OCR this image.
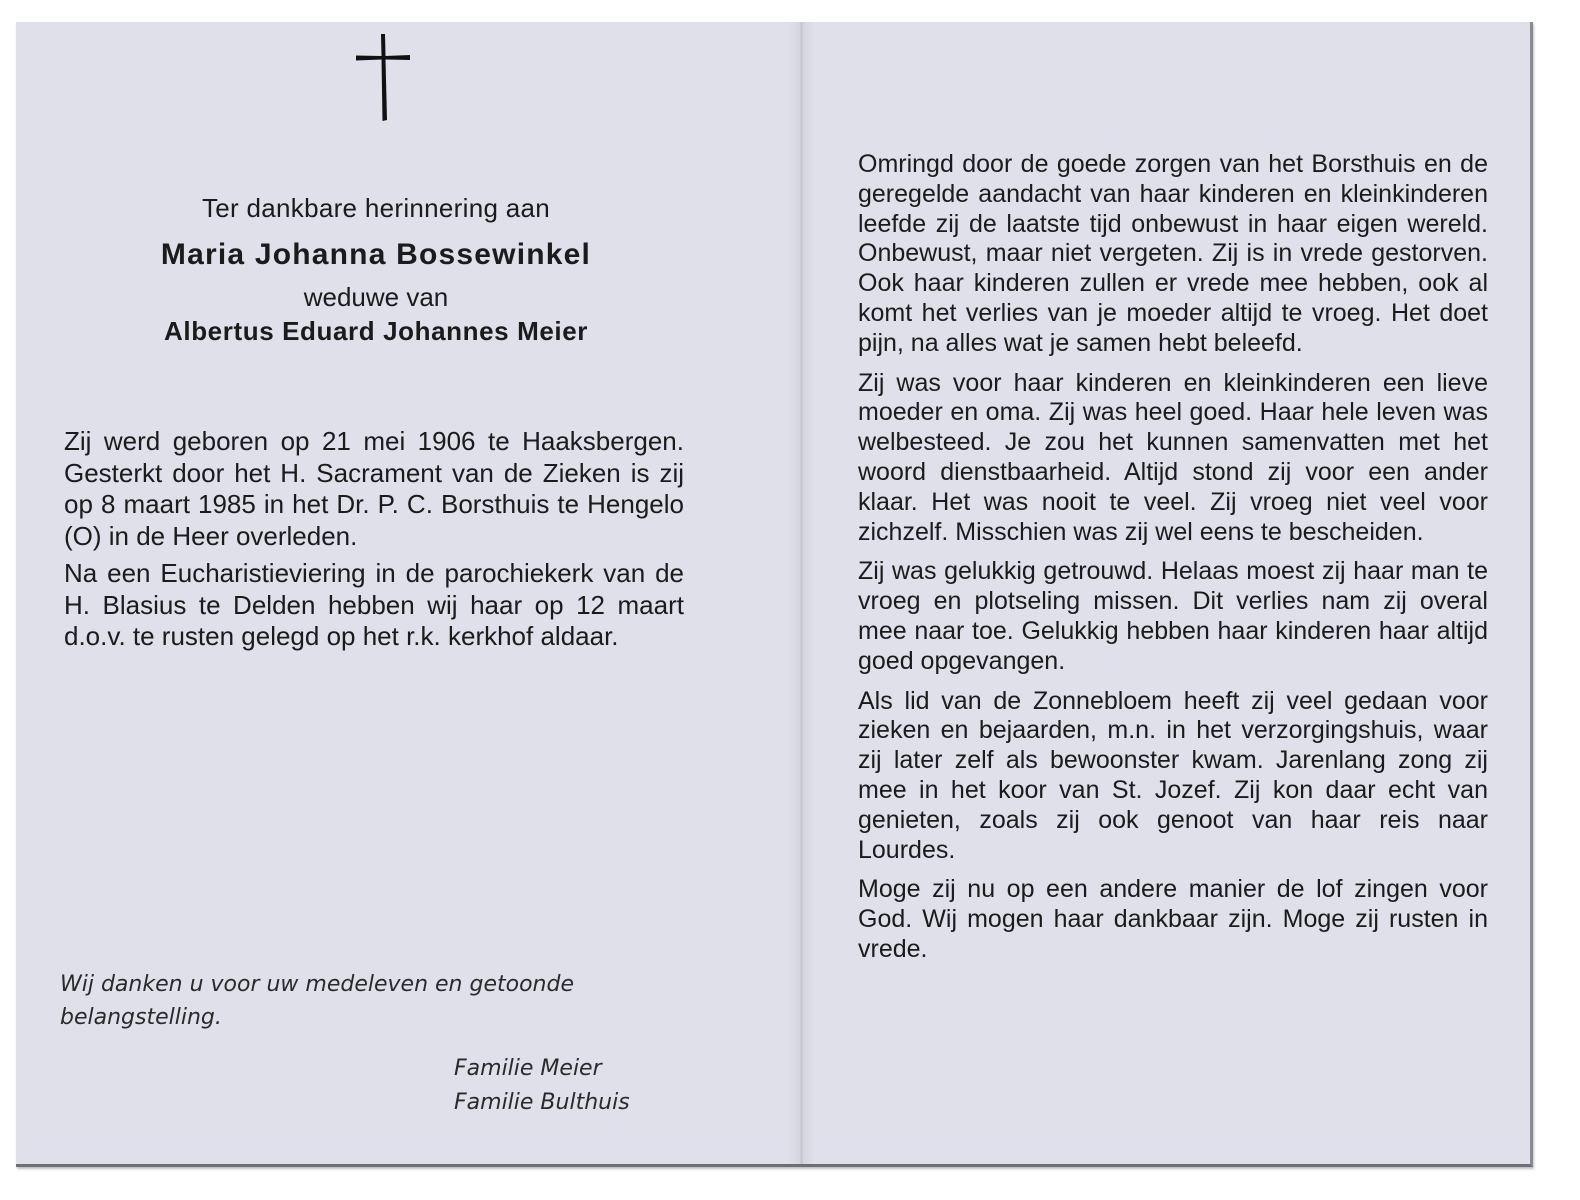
Ter dankbare herinnering aan
Maria Johanna Bossewinkel
weduwe van
Albertus Eduard Johannes Meier

Zij werd geboren op 21 mei 1906 te Haaksbergen. Gesterkt door het H. Sacrament van de Zieken is zij op 8 maart 1985 in het Dr. P. C. Borsthuis te Hengelo (O) in de Heer overleden.

Na een Eucharistieviering in de parochiekerk van de H. Blasius te Delden hebben wij haar op 12 maart d.o.v. te rusten gelegd op het r.k. kerkhof aldaar.

Wij danken u voor uw medeleven en getoonde belangstelling.
Familie Meier
Familie Bulthuis

Omringd door de goede zorgen van het Borsthuis en de geregelde aandacht van haar kinderen en kleinkinderen leefde zij de laatste tijd onbewust in haar eigen wereld. Onbewust, maar niet vergeten. Zij is in vrede gestorven. Ook haar kinderen zullen er vrede mee hebben, ook al komt het verlies van je moeder altijd te vroeg. Het doet pijn, na alles wat je samen hebt beleefd.

Zij was voor haar kinderen en kleinkinderen een lieve moeder en oma. Zij was heel goed. Haar hele leven was welbesteed. Je zou het kunnen samenvatten met het woord dienstbaarheid. Altijd stond zij voor een ander klaar. Het was nooit te veel. Zij vroeg niet veel voor zichzelf. Misschien was zij wel eens te bescheiden.

Zij was gelukkig getrouwd. Helaas moest zij haar man te vroeg en plotseling missen. Dit verlies nam zij overal mee naar toe. Gelukkig hebben haar kinderen haar altijd goed opgevangen.

Als lid van de Zonnebloem heeft zij veel gedaan voor zieken en bejaarden, m.n. in het verzorgingshuis, waar zij later zelf als bewoonster kwam. Jarenlang zong zij mee in het koor van St. Jozef. Zij kon daar echt van genieten, zoals zij ook genoot van haar reis naar Lourdes.

Moge zij nu op een andere manier de lof zingen voor God. Wij mogen haar dankbaar zijn. Moge zij rusten in vrede.
